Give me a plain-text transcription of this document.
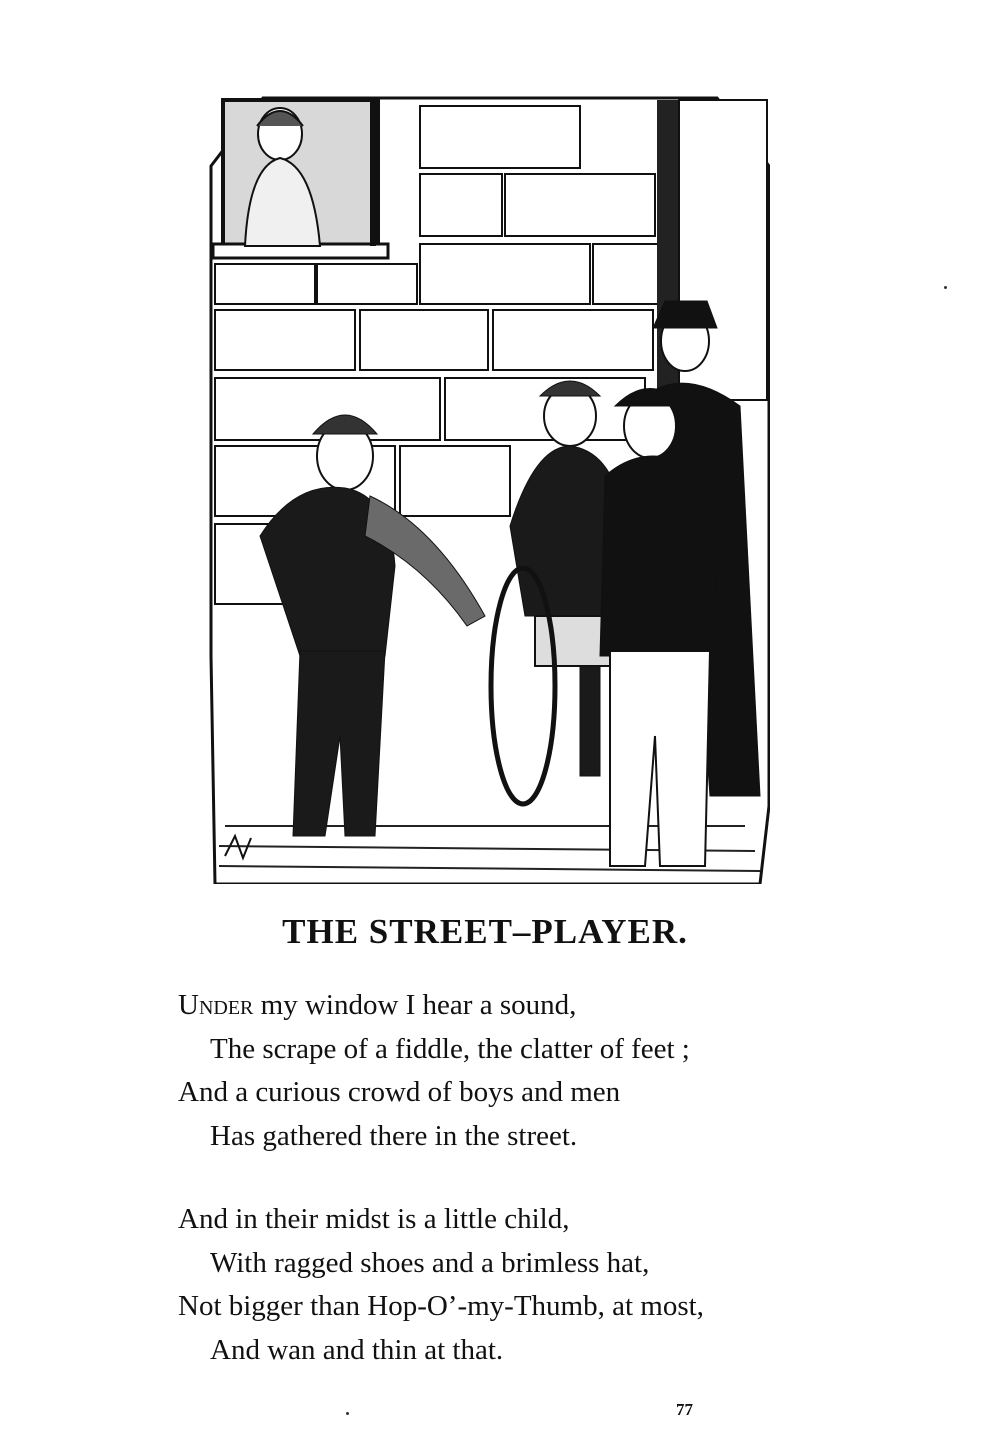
THE STREET–PLAYER.
Under my window I hear a sound,
The scrape of a fiddle, the clatter of feet ;
And a curious crowd of boys and men
Has gathered there in the street.
And in their midst is a little child,
With ragged shoes and a brimless hat,
Not bigger than Hop-O’-my-Thumb, at most,
And wan and thin at that.
77
